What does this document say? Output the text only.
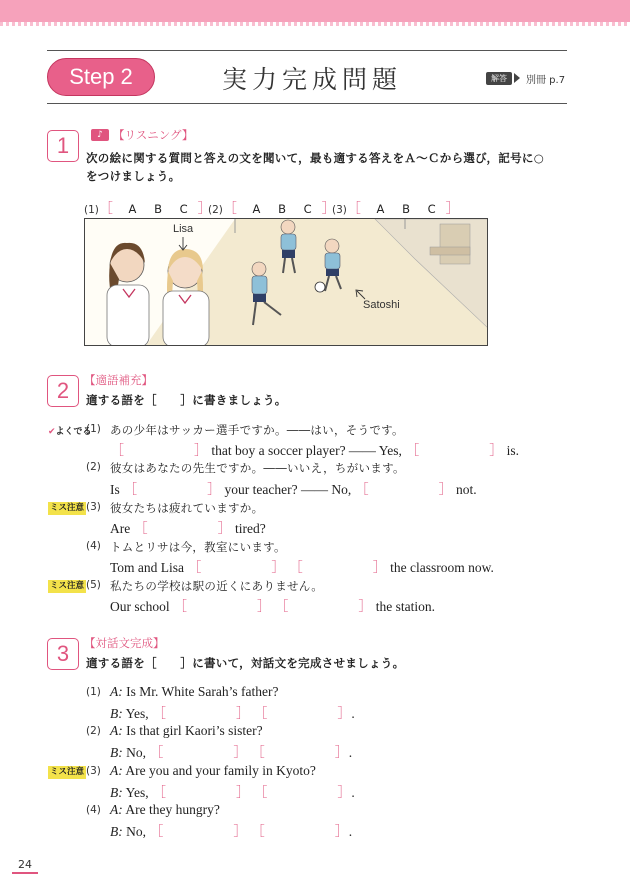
Step 2	実力完成問題	解答	別冊 p.7
1	♪ 【リスニング】
次の絵に関する質問と答えの文を聞いて，最も適する答えをＡ～Ｃから選び，記号に○
をつけましょう。
(1)［ A B C ］
(2)［ A B C ］
(3)［ A B C ］
Lisa
Satoshi
2	【適語補充】
適する語を［　　］に書きましょう。
✔よくでる
(1) あの少年はサッカー選手ですか。――はい，そうです。
［	］ that boy a soccer player? ―― Yes, ［	］ is.
(2) 彼女はあなたの先生ですか。――いいえ，ちがいます。
Is ［	］ your teacher? ―― No, ［	］ not.
ミス注意 (3) 彼女たちは疲れていますか。
Are ［	］ tired?
(4) トムとリサは今，教室にいます。
Tom and Lisa ［	］ ［	］ the classroom now.
ミス注意 (5) 私たちの学校は駅の近くにありません。
Our school ［	］ ［	］ the station.
3	【対話文完成】
適する語を［　　］に書いて，対話文を完成させましょう。
(1) A: Is Mr. White Sarah’s father?
B: Yes, ［	］ ［	］.
(2) A: Is that girl Kaori’s sister?
B: No, ［	］ ［	］.
ミス注意 (3) A: Are you and your family in Kyoto?
B: Yes, ［	］ ［	］.
(4) A: Are they hungry?
B: No, ［	］ ［	］.
24
